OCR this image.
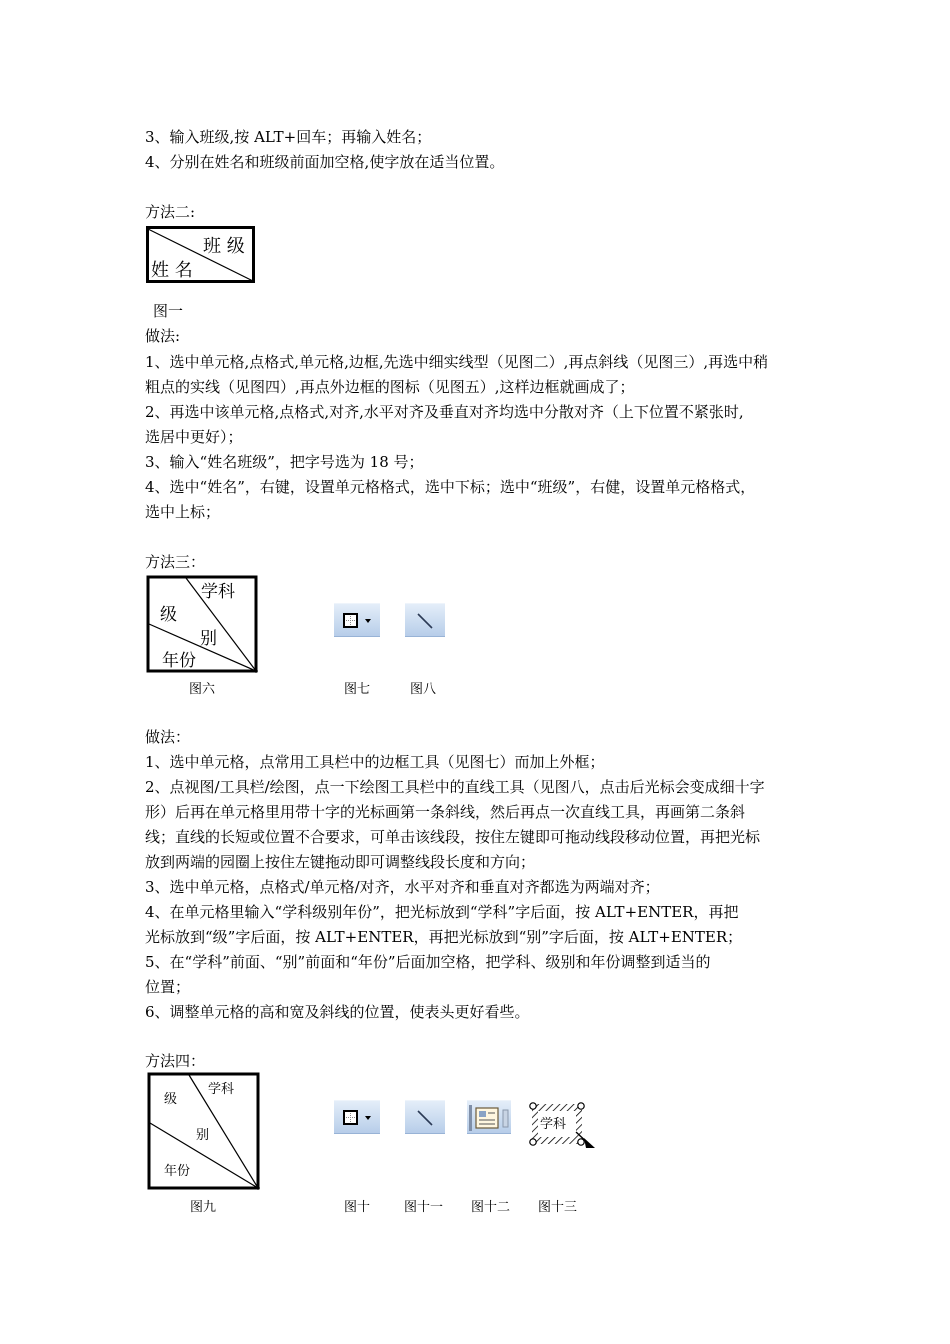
3、输入班级,按 ALT+回车；再输入姓名；
4、分别在姓名和班级前面加空格,使字放在适当位置。
方法二:
班 级
姓 名
图一
做法:
1、选中单元格,点格式,单元格,边框,先选中细实线型（见图二）,再点斜线（见图三）,再选中稍
粗点的实线（见图四）,再点外边框的图标（见图五）,这样边框就画成了；
2、再选中该单元格,点格式,对齐,水平对齐及垂直对齐均选中分散对齐（上下位置不紧张时,
选居中更好）；
3、输入“姓名班级”，把字号选为 18 号；
4、选中“姓名”，右键，设置单元格格式，选中下标；选中“班级”，右健，设置单元格格式，
选中上标；
方法三：
学科
级
别
年份
图六	图七	图八
做法：
1、选中单元格，点常用工具栏中的边框工具（见图七）而加上外框；
2、点视图/工具栏/绘图，点一下绘图工具栏中的直线工具（见图八，点击后光标会变成细十字
形）后再在单元格里用带十字的光标画第一条斜线，然后再点一次直线工具，再画第二条斜
线；直线的长短或位置不合要求，可单击该线段，按住左键即可拖动线段移动位置，再把光标
放到两端的园圈上按住左键拖动即可调整线段长度和方向；
3、选中单元格，点格式/单元格/对齐，水平对齐和垂直对齐都选为两端对齐；
4、在单元格里输入“学科级别年份”，把光标放到“学科”字后面，按 ALT+ENTER，再把
光标放到“级”字后面，按 ALT+ENTER，再把光标放到“别”字后面，按 ALT+ENTER；
5、在“学科”前面、“别”前面和“年份”后面加空格，把学科、级别和年份调整到适当的
位置；
6、调整单元格的高和宽及斜线的位置，使表头更好看些。
方法四：
学科
级
别
年份
学科
图九	图十	图十一 图十二 图十三
